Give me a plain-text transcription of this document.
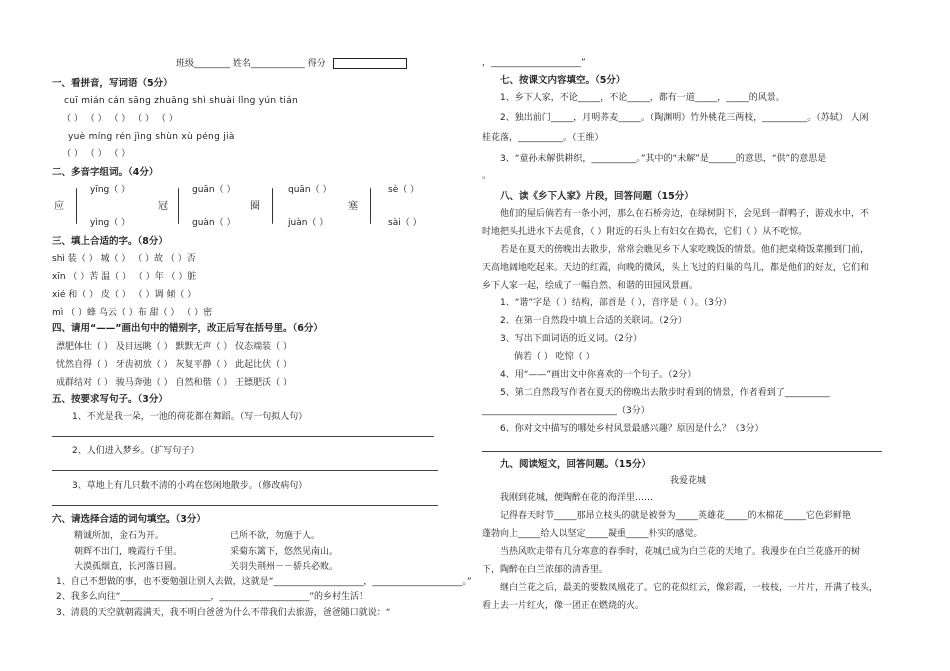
班级________ 姓名____________ 得分
一、看拼音，写词语（5分）
cuī mián cán sāng zhuāng shì shuài lǐng yún tián
（ ） （ ） （ ） （ ） （ ）
yuè míng rén jìng shùn xù péng jià
（ ） （ ） （ ）
二、多音字组词。（4分）
yīng（ ）
应
yìng（ ）
guān（ ）
冠
guàn（ ）
quān（ ）
圈
juàn（ ）
sè（ ）
塞
sài（ ）
三、填上合适的字。（8分）
shì 装（ ） 城（ ） （ ）故 （ ）否
xīn （ ）苦 温（ ） （ ）年 （ ）脏
xié 和（ ） 皮（ ） （ ）调 倾（ ）
mì （ ）蜂 乌云（ ）布 甜（ ） （ ）密
四、请用“——”画出句中的错别字，改正后写在括号里。（6分）
漂肥体壮（ ） 及目远眺（ ） 默默无声（ ） 仪态端装（ ）
忧然自得（ ） 牙齿初放（ ） 灰复平静（ ） 此起比伏（ ）
成群结对（ ） 骏马奔弛（ ） 自然和偕（ ） 王镖肥沃（ ）
五、按要求写句子。（3分）
1、不光是我一朵，一池的荷花都在舞蹈。（写一句拟人句）
2、人们进入梦乡。（扩写句子）
3、草地上有几只数不清的小鸡在悠闲地散步。（修改病句）
六、请选择合适的词句填空。（3分）
精诚所加，金石为开。	已所不欲，勿施于人。
朝辉不出门，晚霞行千里。	采菊东篱下，悠然见南山。
大漠孤烟直，长河落日圆。	关羽失荆州－－骄兵必败。
1、自己不想做的事，也不要勉强让别人去做，这就是“____________________，____________________。”
2、我多么向往“____________________，____________________”的乡村生活！
3、清晨的天空就朝霞满天，我不明白爸爸为什么不带我们去旅游，爸爸随口就说：“
，____________________”
七、按课文内容填空。（5分）
1、乡下人家，不论_____，不论_____，都有一道_____，_____的风景。
2、独出前门_____，月明荞麦_____。（陶渊明）竹外桃花三两枝，__________。（苏轼） 人闲
桂花落，__________。（王维）
3、“童孙未解供耕织，__________。”其中的“未解”是______的意思，“供”的意思是
。
八、读《乡下人家》片段，回答问题（15分）
他们的屋后倘若有一条小河，那么在石桥旁边，在绿树阴下，会见到一群鸭子，游戏水中，不
时地把头扎进水下去觅食，（ ）附近的石头上有妇女在捣衣，它们（ ）从不吃惊。
若是在夏天的傍晚出去散步，常常会瞧见乡下人家吃晚饭的情景。他们把桌椅饭菜搬到门前，
天高地阔地吃起来。天边的红霞，向晚的微风，头上飞过的归巢的鸟儿，都是他们的好友，它们和
乡下人家一起，绘成了一幅自然、和谐的田园风景画。
1、“谐”字是（ ）结构，部首是（ ），音序是（ ）。（3分）
2、在第一自然段中填上合适的关联词。（2分）
3、写出下面词语的近义词。（2分）
倘若（ ） 吃惊（ ）
4、用“——”画出文中你喜欢的一个句子。（2分）
5、第二自然段写作者在夏天的傍晚出去散步时看到的情景，作者看到了__________
______________________________（3分）
6、你对文中描写的哪处乡村风景最感兴趣？原因是什么？（3分）
九、阅读短文，回答问题。（15分）
我爱花城
我刚到花城，便陶醉在花的海洋里……
记得春天时节_____那昂立枝头的就是被誉为_____英雄花_____的木棉花_____它色彩鲜艳
蓬勃向上_____给人以坚定_____凝重_____朴实的感觉。
当热风吹走带有几分寒意的春季时，花城已成为白兰花的天地了。我漫步在白兰花盛开的树
下，陶醉在白兰浓郁的清香里。
继白兰花之后，最美的要数凤凰花了。它的花似红云，像彩霞，一枝枝，一片片，开满了枝头，
看上去一片红火，像一团正在燃烧的火。
